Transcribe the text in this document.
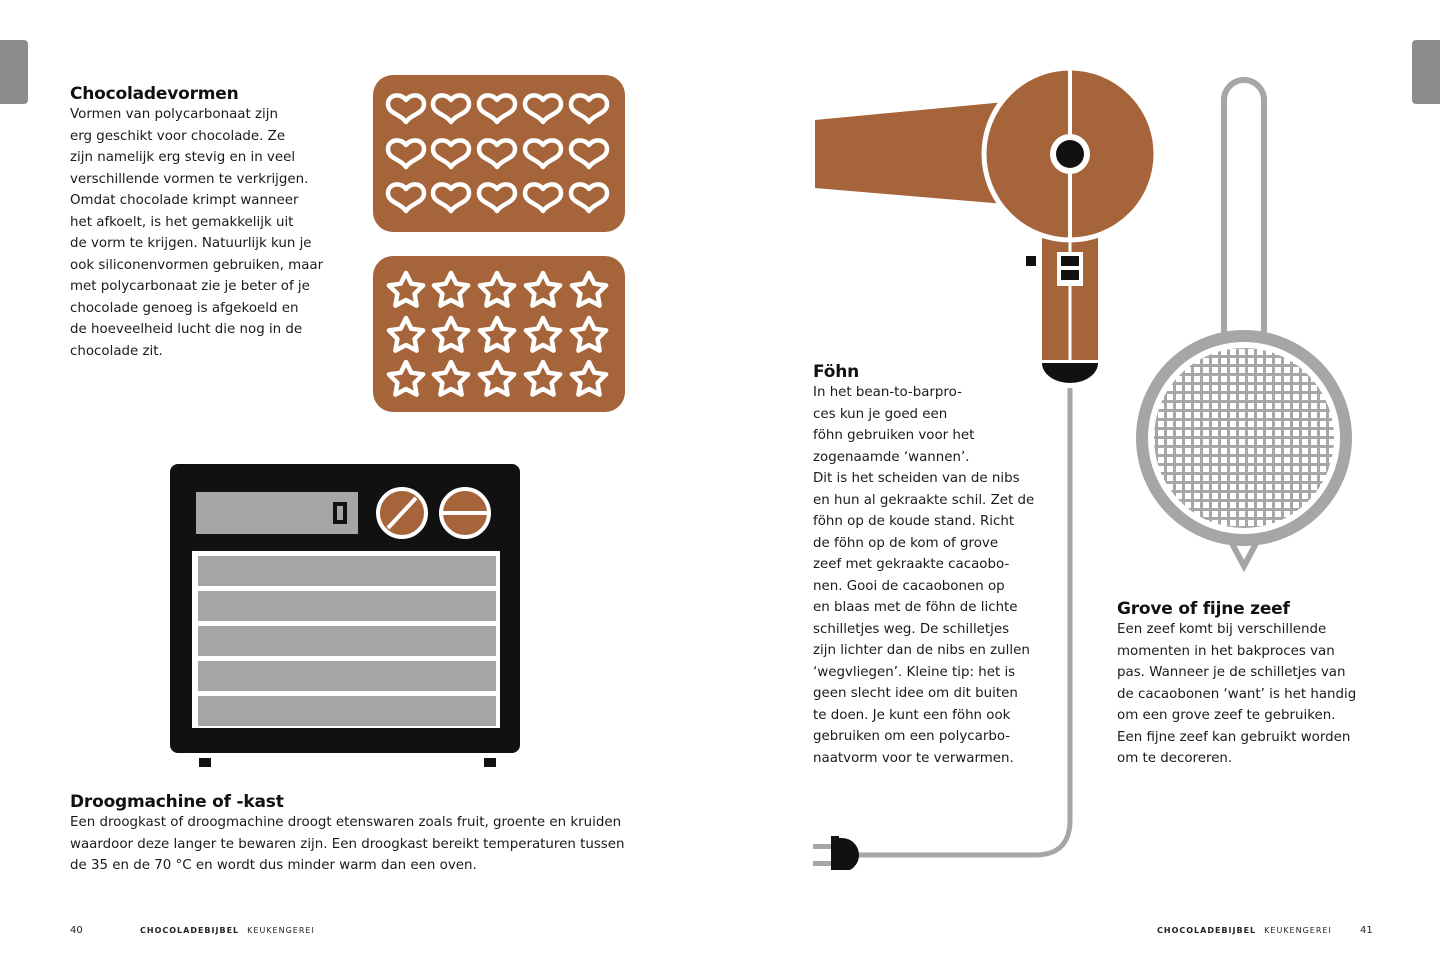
Chocoladevormen

Vormen van polycarbonaat zijn
erg geschikt voor chocolade. Ze
zijn namelijk erg stevig en in veel
verschillende vormen te verkrijgen.
Omdat chocolade krimpt wanneer
het afkoelt, is het gemakkelijk uit
de vorm te krijgen. Natuurlijk kun je
ook siliconenvormen gebruiken, maar
met polycarbonaat zie je beter of je
chocolade genoeg is afgekoeld en
de hoeveelheid lucht die nog in de
chocolade zit.

Droogmachine of -kast

Een droogkast of droogmachine droogt etenswaren zoals fruit, groente en kruiden
waardoor deze langer te bewaren zijn. Een droogkast bereikt temperaturen tussen
de 35 en de 70 °C en wordt dus minder warm dan een oven.

Föhn

In het bean-to-barpro-
ces kun je goed een
föhn gebruiken voor het
zogenaamde ‘wannen’.
Dit is het scheiden van de nibs
en hun al gekraakte schil. Zet de
föhn op de koude stand. Richt
de föhn op de kom of grove
zeef met gekraakte cacaobo-
nen. Gooi de cacaobonen op
en blaas met de föhn de lichte
schilletjes weg. De schilletjes
zijn lichter dan de nibs en zullen
‘wegvliegen’. Kleine tip: het is
geen slecht idee om dit buiten
te doen. Je kunt een föhn ook
gebruiken om een polycarbo-
naatvorm voor te verwarmen.

Grove of fijne zeef

Een zeef komt bij verschillende
momenten in het bakproces van
pas. Wanneer je de schilletjes van
de cacaobonen ‘want’ is het handig
om een grove zeef te gebruiken.
Een fijne zeef kan gebruikt worden
om te decoreren.

40	CHOCOLADEBIJBEL KEUKENGEREI	CHOCOLADEBIJBEL KEUKENGEREI	41
